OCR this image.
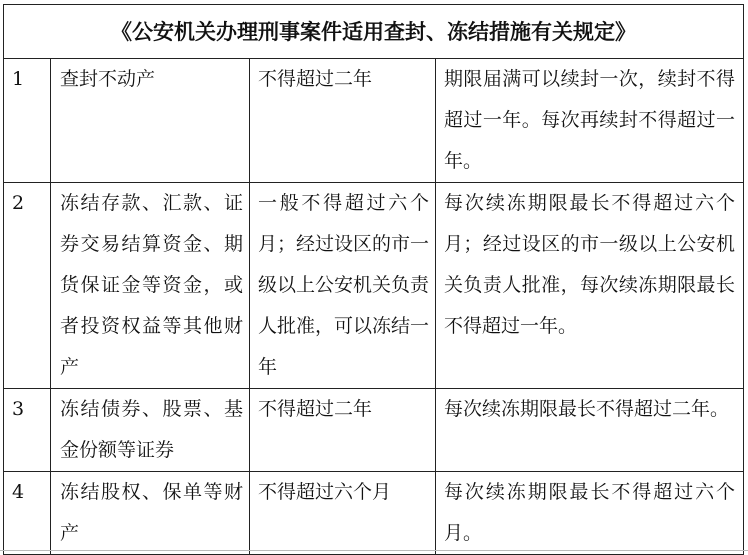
《公安机关办理刑事案件适用查封、冻结措施有关规定》			

1	查封不动产	不得超过二年	期限届满可以续封一次，续封不得超过一年。每次再续封不得超过一年。

2	冻结存款、汇款、证券交易结算资金、期货保证金等资金，或者投资权益等其他财产	一般不得超过六个月；经过设区的市一级以上公安机关负责人批准，可以冻结一年	每次续冻期限最长不得超过六个月；经过设区的市一级以上公安机关负责人批准，每次续冻期限最长不得超过一年。

3	冻结债券、股票、基金份额等证券	不得超过二年	每次续冻期限最长不得超过二年。

4	冻结股权、保单等财产	不得超过六个月	每次续冻期限最长不得超过六个月。
